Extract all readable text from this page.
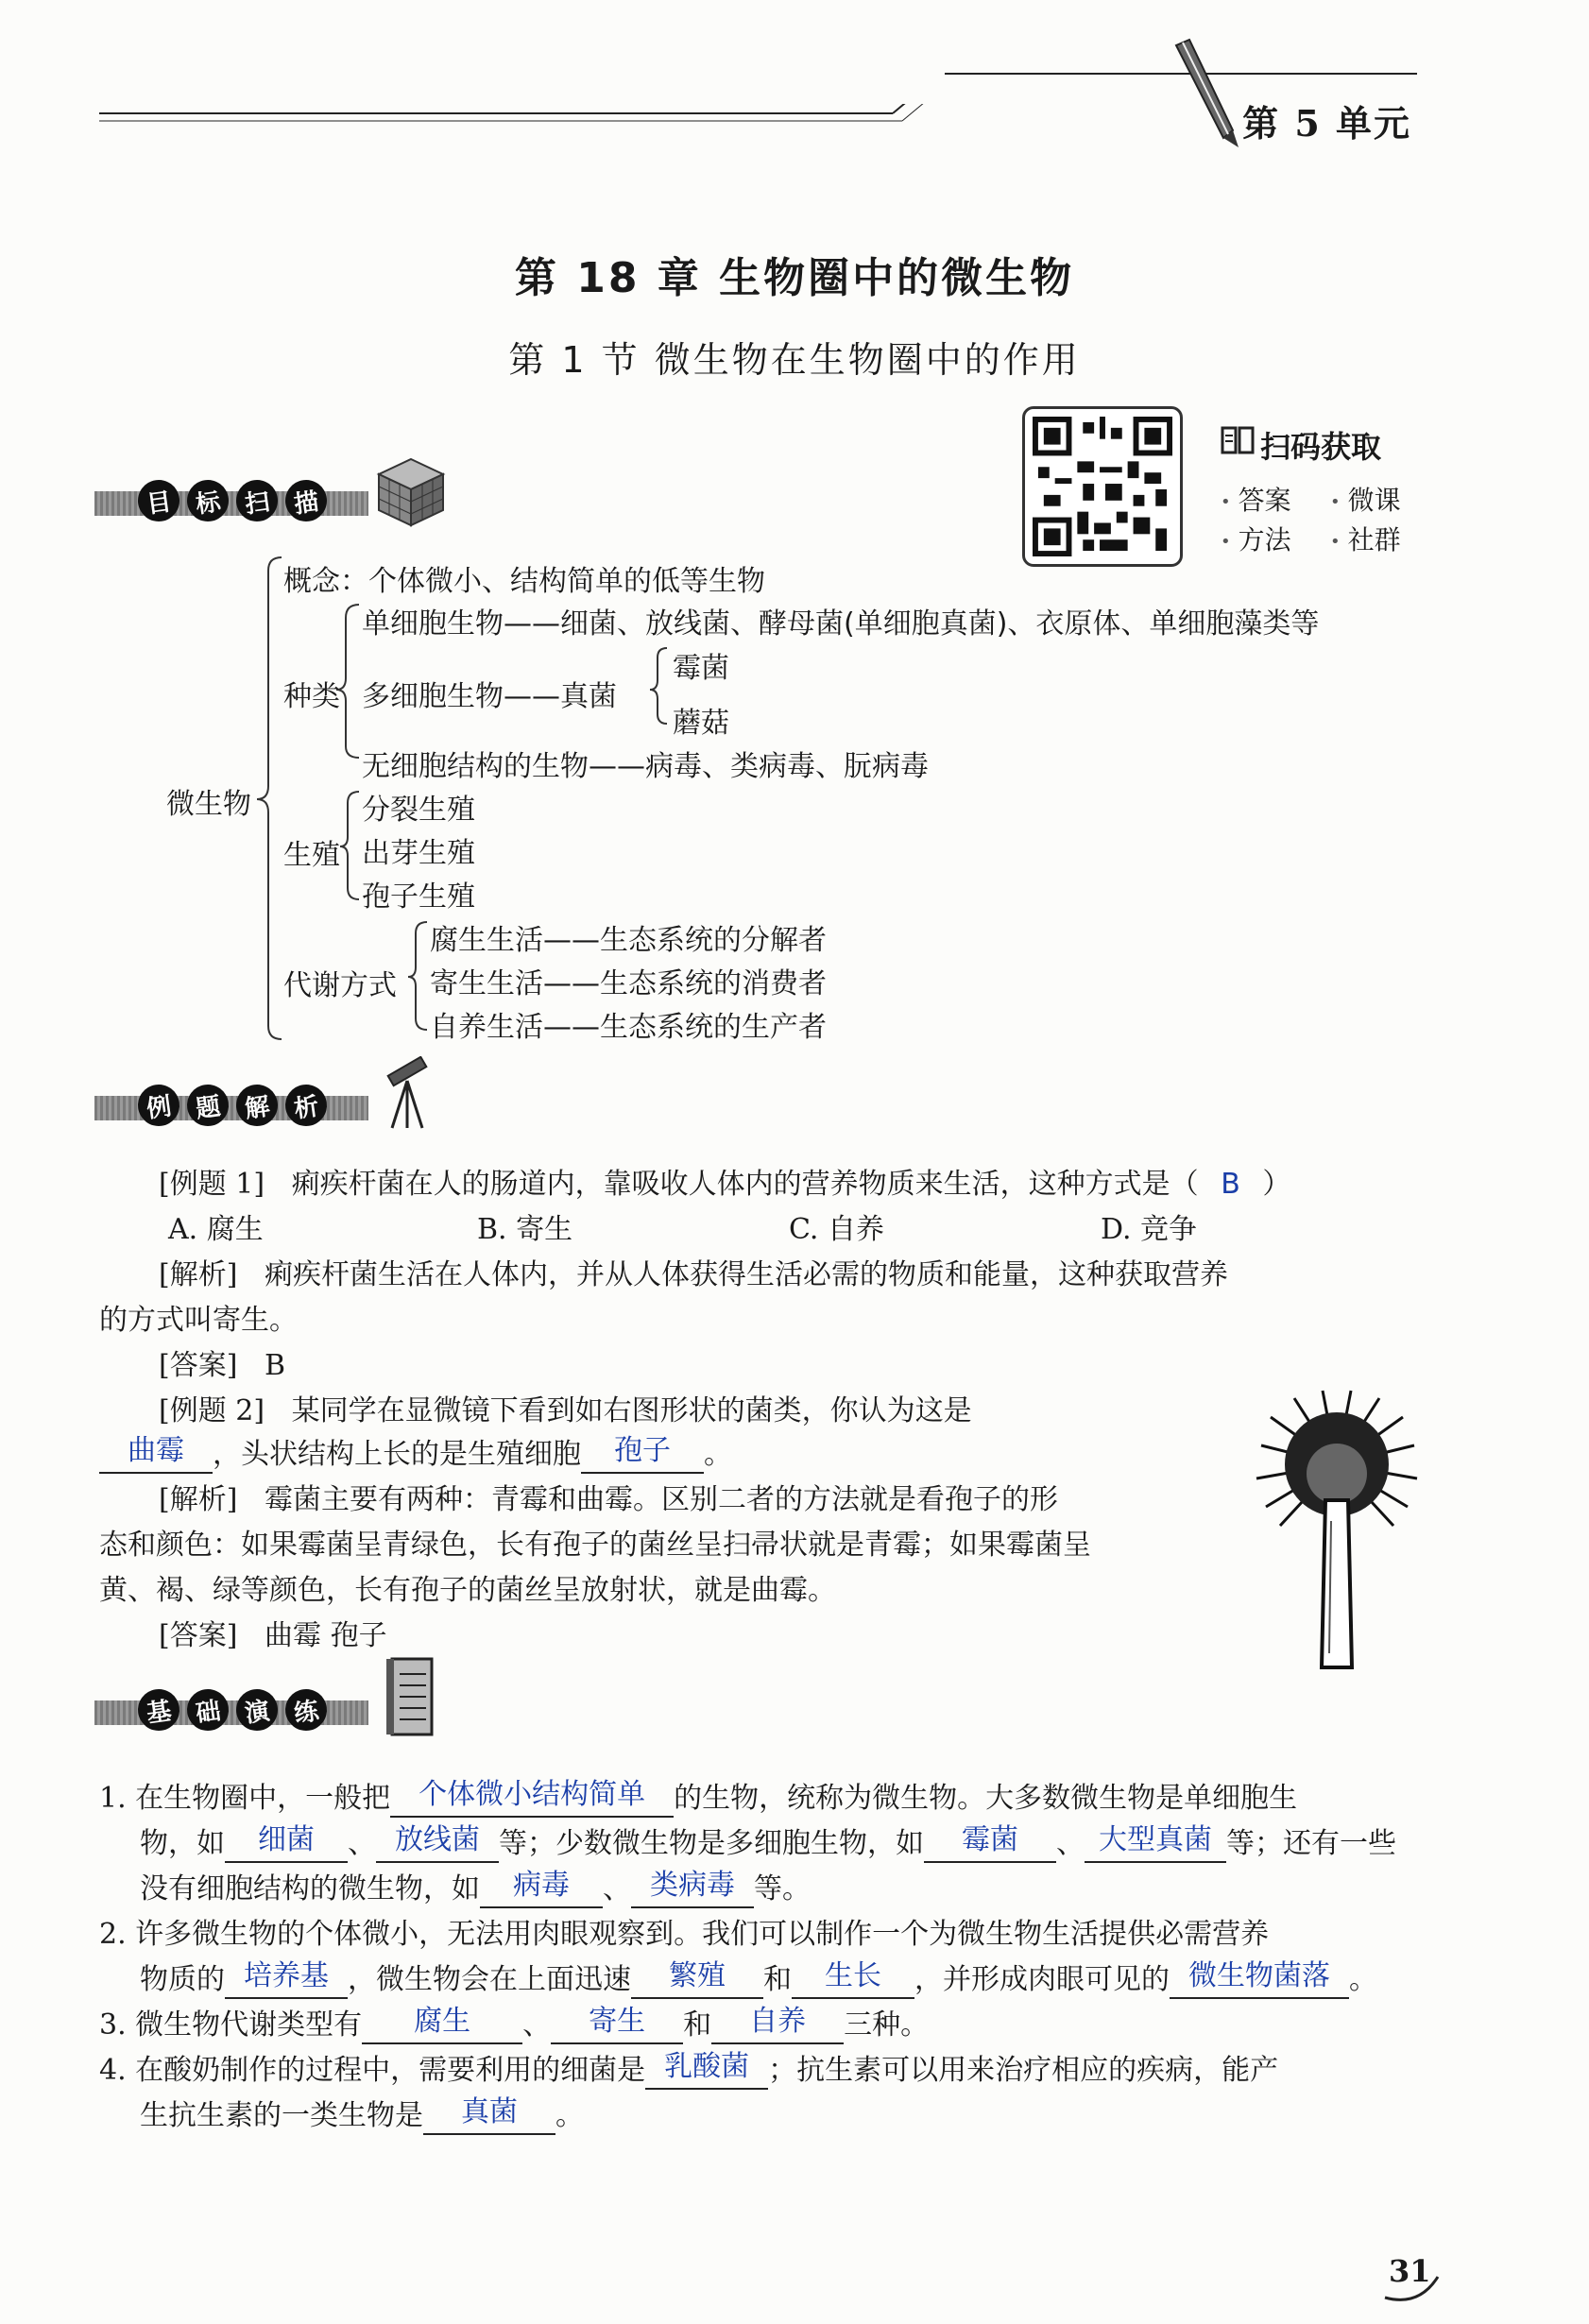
第 5 单元
第 18 章 生物圈中的微生物
第 1 节 微生物在生物圈中的作用
扫码获取
• 答案	• 微课
• 方法	• 社群
目 标 扫 描
微生物
概念：个体微小、结构简单的低等生物
种类
单细胞生物——细菌、放线菌、酵母菌(单细胞真菌)、衣原体、单细胞藻类等
多细胞生物——真菌
霉菌
蘑菇
无细胞结构的生物——病毒、类病毒、朊病毒
生殖
分裂生殖
出芽生殖
孢子生殖
代谢方式
腐生生活——生态系统的分解者
寄生生活——生态系统的消费者
自养生活——生态系统的生产者
例 题 解 析
[例题 1] 痢疾杆菌在人的肠道内，靠吸收人体内的营养物质来生活，这种方式是（ B ）
A. 腐生	B. 寄生	C. 自养	D. 竞争
[解析] 痢疾杆菌生活在人体内，并从人体获得生活必需的物质和能量，这种获取营养
的方式叫寄生。
[答案] B
[例题 2] 某同学在显微镜下看到如右图形状的菌类，你认为这是
曲霉 ，头状结构上长的是生殖细胞 孢子 。
[解析] 霉菌主要有两种：青霉和曲霉。区别二者的方法就是看孢子的形
态和颜色：如果霉菌呈青绿色，长有孢子的菌丝呈扫帚状就是青霉；如果霉菌呈
黄、褐、绿等颜色，长有孢子的菌丝呈放射状，就是曲霉。
[答案] 曲霉 孢子
基 础 演 练
1. 在生物圈中，一般把 个体微小结构简单 的生物，统称为微生物。大多数微生物是单细胞生
物，如 细菌 、 放线菌 等；少数微生物是多细胞生物，如 霉菌 、 大型真菌 等；还有一些
没有细胞结构的微生物，如 病毒 、 类病毒 等。
2. 许多微生物的个体微小，无法用肉眼观察到。我们可以制作一个为微生物生活提供必需营养
物质的 培养基 ，微生物会在上面迅速 繁殖 和 生长 ，并形成肉眼可见的 微生物菌落 。
3. 微生物代谢类型有 腐生 、 寄生 和 自养 三种。
4. 在酸奶制作的过程中，需要利用的细菌是 乳酸菌 ；抗生素可以用来治疗相应的疾病，能产
生抗生素的一类生物是 真菌 。
31
